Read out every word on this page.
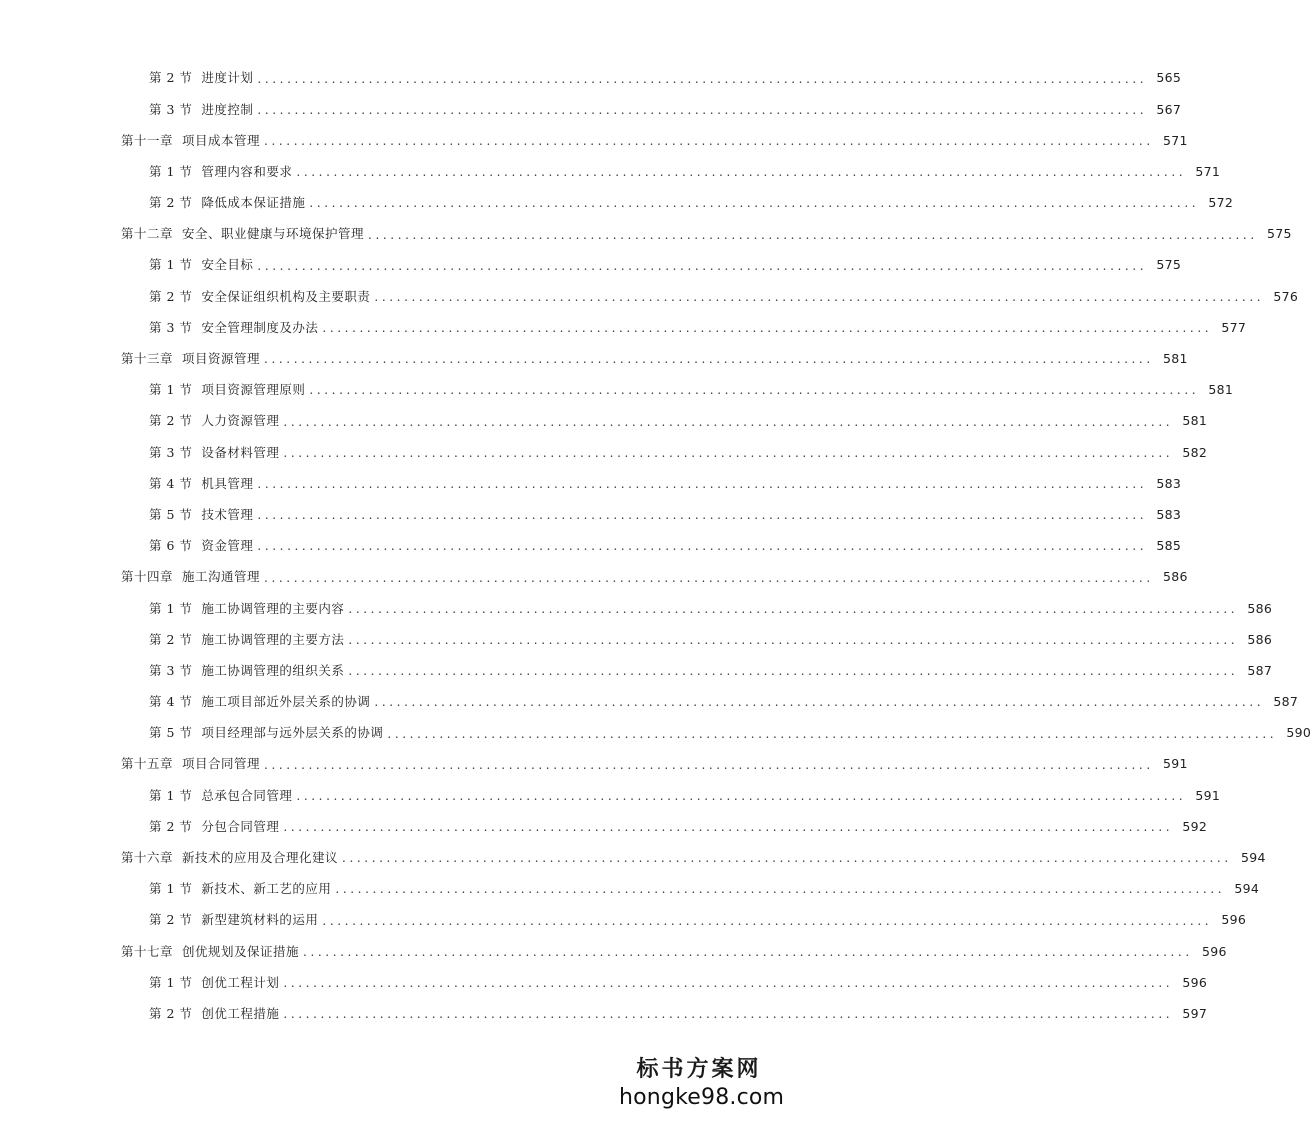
第 2 节 进度计划 ........................................................................................................................ 565
第 3 节 进度控制 ........................................................................................................................ 567
第十一章 项目成本管理 ........................................................................................................................ 571
第 1 节 管理内容和要求 ........................................................................................................................ 571
第 2 节 降低成本保证措施 ........................................................................................................................ 572
第十二章 安全、职业健康与环境保护管理 ........................................................................................................................ 575
第 1 节 安全目标 ........................................................................................................................ 575
第 2 节 安全保证组织机构及主要职责 ........................................................................................................................ 576
第 3 节 安全管理制度及办法 ........................................................................................................................ 577
第十三章 项目资源管理 ........................................................................................................................ 581
第 1 节 项目资源管理原则 ........................................................................................................................ 581
第 2 节 人力资源管理 ........................................................................................................................ 581
第 3 节 设备材料管理 ........................................................................................................................ 582
第 4 节 机具管理 ........................................................................................................................ 583
第 5 节 技术管理 ........................................................................................................................ 583
第 6 节 资金管理 ........................................................................................................................ 585
第十四章 施工沟通管理 ........................................................................................................................ 586
第 1 节 施工协调管理的主要内容 ........................................................................................................................ 586
第 2 节 施工协调管理的主要方法 ........................................................................................................................ 586
第 3 节 施工协调管理的组织关系 ........................................................................................................................ 587
第 4 节 施工项目部近外层关系的协调 ........................................................................................................................ 587
第 5 节 项目经理部与远外层关系的协调 ........................................................................................................................ 590
第十五章 项目合同管理 ........................................................................................................................ 591
第 1 节 总承包合同管理 ........................................................................................................................ 591
第 2 节 分包合同管理 ........................................................................................................................ 592
第十六章 新技术的应用及合理化建议 ........................................................................................................................ 594
第 1 节 新技术、新工艺的应用 ........................................................................................................................ 594
第 2 节 新型建筑材料的运用 ........................................................................................................................ 596
第十七章 创优规划及保证措施 ........................................................................................................................ 596
第 1 节 创优工程计划 ........................................................................................................................ 596
第 2 节 创优工程措施 ........................................................................................................................ 597
标书方案网
hongke98.com
